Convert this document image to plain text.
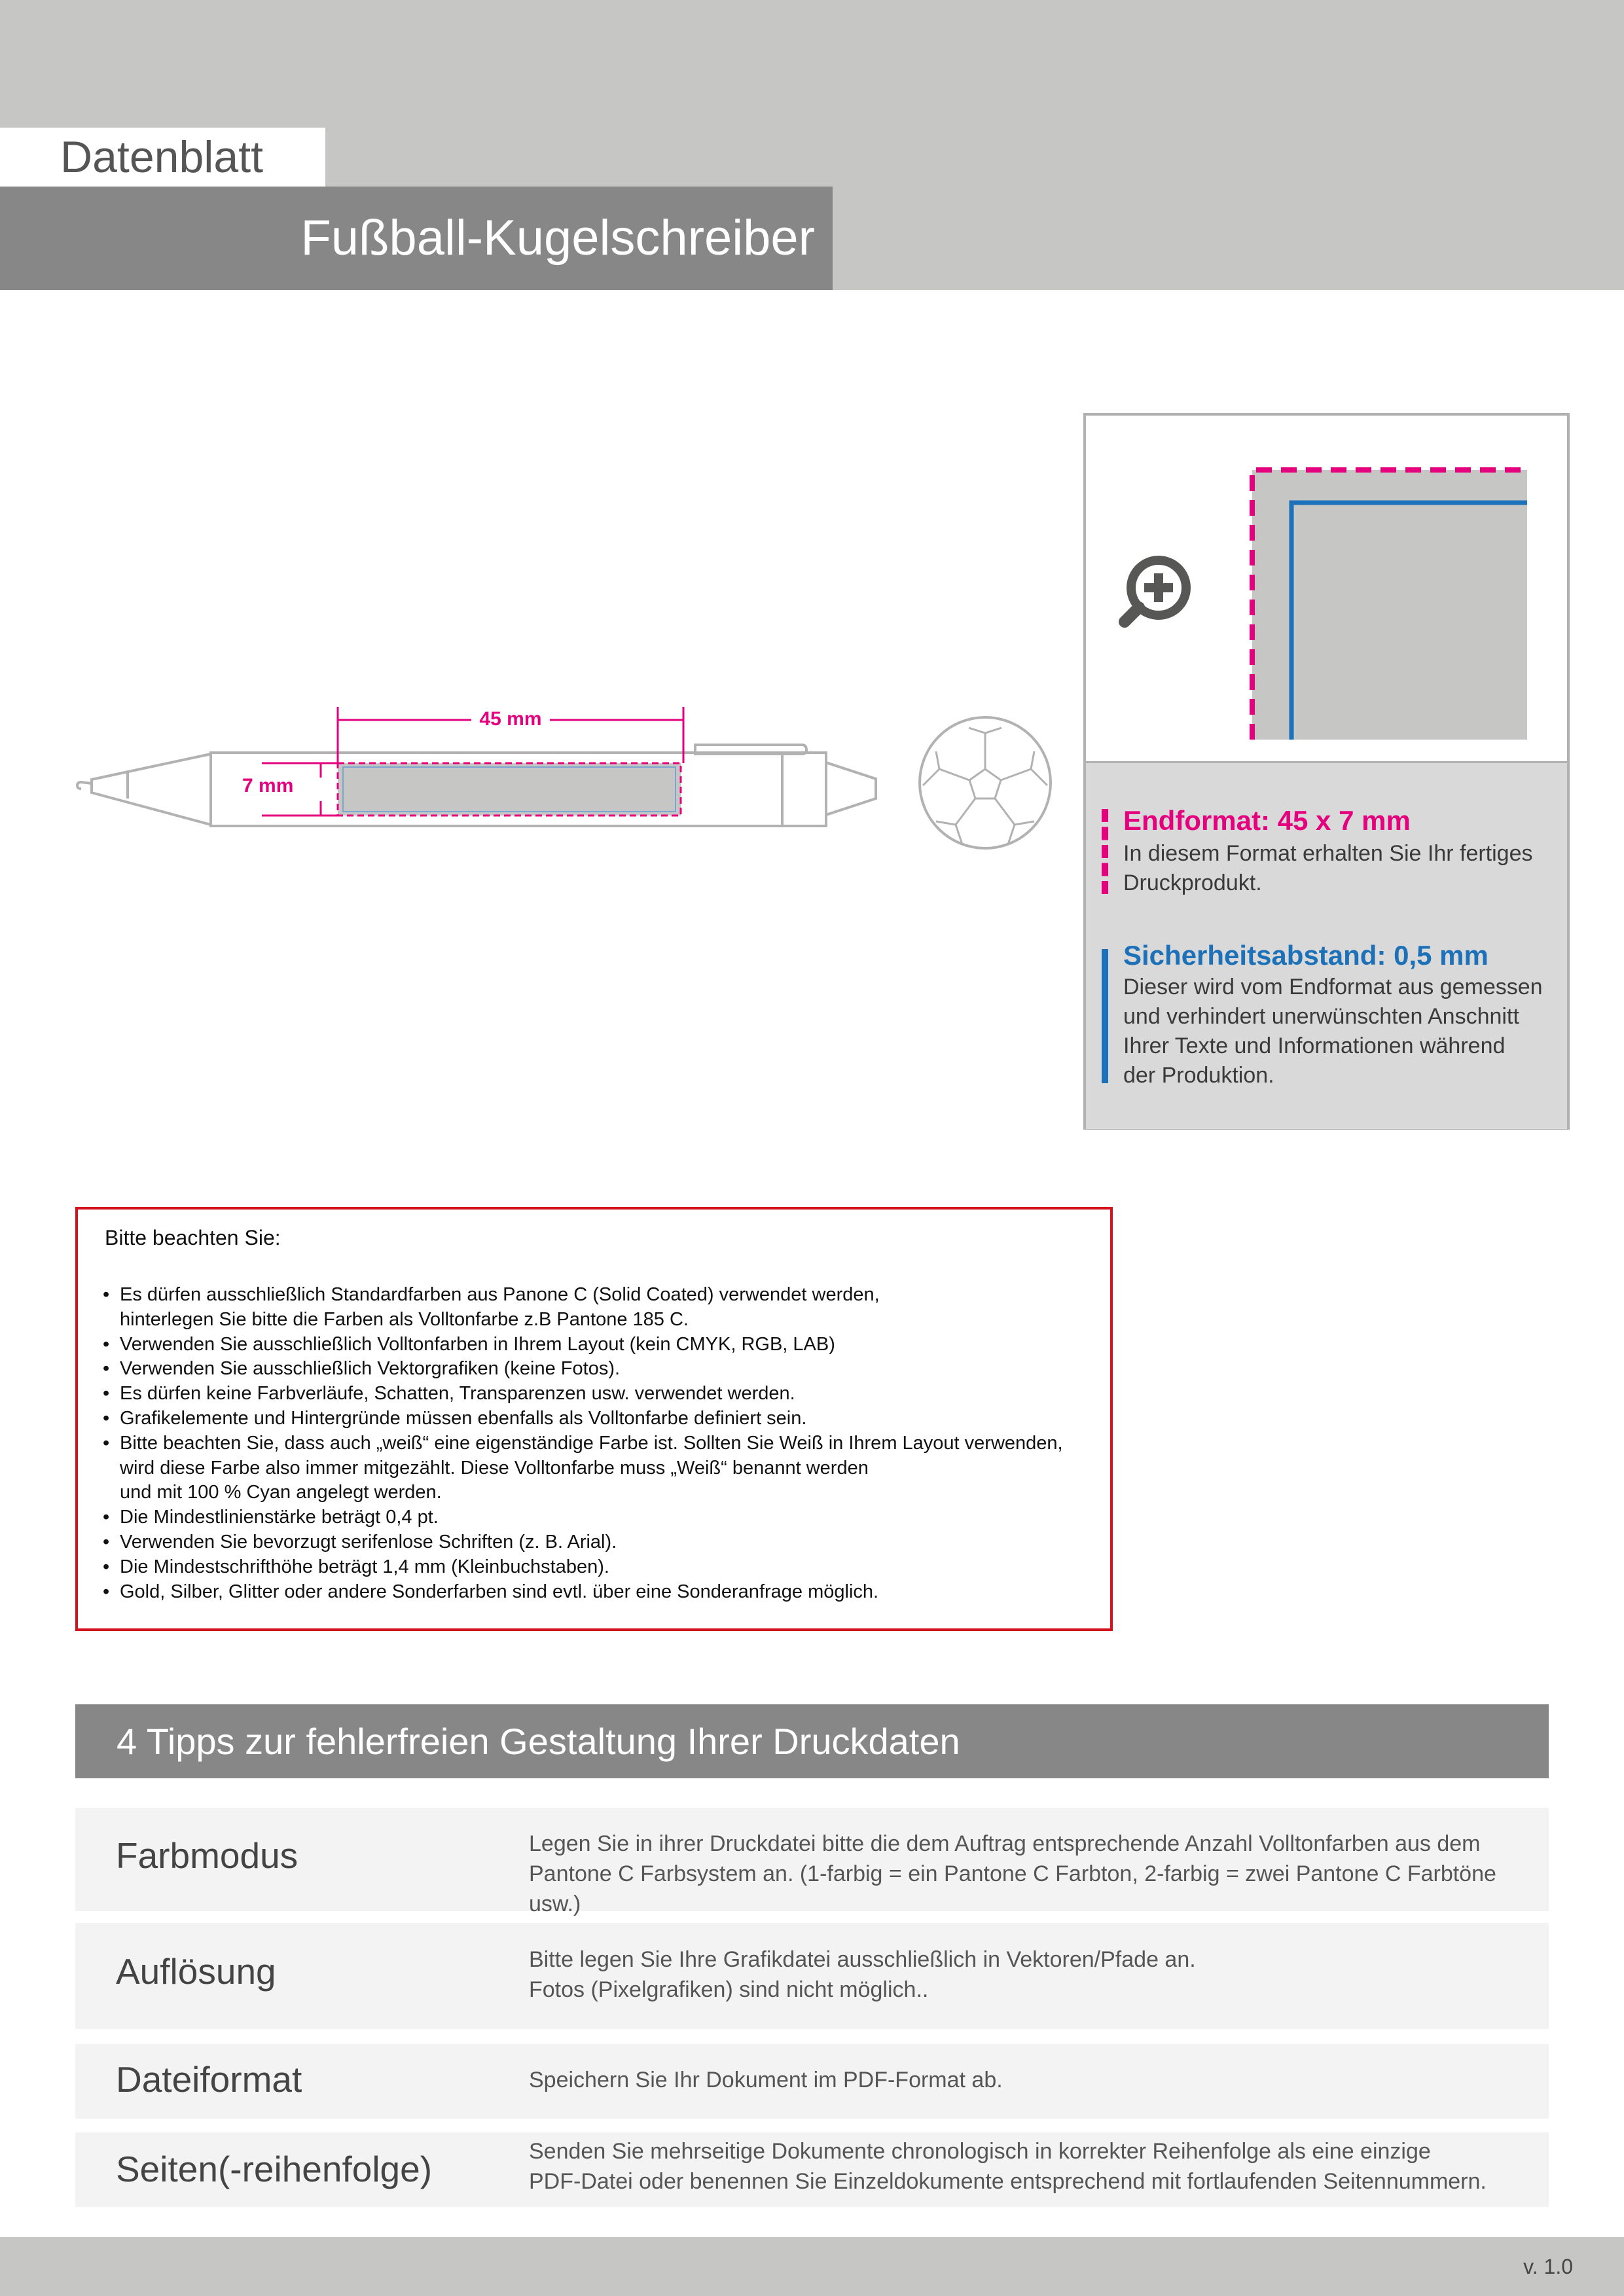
Datenblatt
Fußball-Kugelschreiber
45 mm
7 mm
Endformat: 45 x 7 mm
In diesem Format erhalten Sie Ihr fertiges
Druckprodukt.
Sicherheitsabstand: 0,5 mm
Dieser wird vom Endformat aus gemessen
und verhindert unerwünschten Anschnitt
Ihrer Texte und Informationen während
der Produktion.
Bitte beachten Sie:
• Es dürfen ausschließlich Standardfarben aus Panone C (Solid Coated) verwendet werden,
hinterlegen Sie bitte die Farben als Volltonfarbe z.B Pantone 185 C.
• Verwenden Sie ausschließlich Volltonfarben in Ihrem Layout (kein CMYK, RGB, LAB)
• Verwenden Sie ausschließlich Vektorgrafiken (keine Fotos).
• Es dürfen keine Farbverläufe, Schatten, Transparenzen usw. verwendet werden.
• Grafikelemente und Hintergründe müssen ebenfalls als Volltonfarbe definiert sein.
• Bitte beachten Sie, dass auch „weiß“ eine eigenständige Farbe ist. Sollten Sie Weiß in Ihrem Layout verwenden,
wird diese Farbe also immer mitgezählt. Diese Volltonfarbe muss „Weiß“ benannt werden
und mit 100 % Cyan angelegt werden.
• Die Mindestlinienstärke beträgt 0,4 pt.
• Verwenden Sie bevorzugt serifenlose Schriften (z. B. Arial).
• Die Mindestschrifthöhe beträgt 1,4 mm (Kleinbuchstaben).
• Gold, Silber, Glitter oder andere Sonderfarben sind evtl. über eine Sonderanfrage möglich.
4 Tipps zur fehlerfreien Gestaltung Ihrer Druckdaten
Farbmodus	Legen Sie in ihrer Druckdatei bitte die dem Auftrag entsprechende Anzahl Volltonfarben aus dem
Pantone C Farbsystem an. (1-farbig = ein Pantone C Farbton, 2-farbig = zwei Pantone C Farbtöne usw.)
Auflösung	Bitte legen Sie Ihre Grafikdatei ausschließlich in Vektoren/Pfade an.
Fotos (Pixelgrafiken) sind nicht möglich..
Dateiformat	Speichern Sie Ihr Dokument im PDF-Format ab.
Seiten(-reihenfolge)	Senden Sie mehrseitige Dokumente chronologisch in korrekter Reihenfolge als eine einzige
PDF-Datei oder benennen Sie Einzeldokumente entsprechend mit fortlaufenden Seitennummern.
v. 1.0
